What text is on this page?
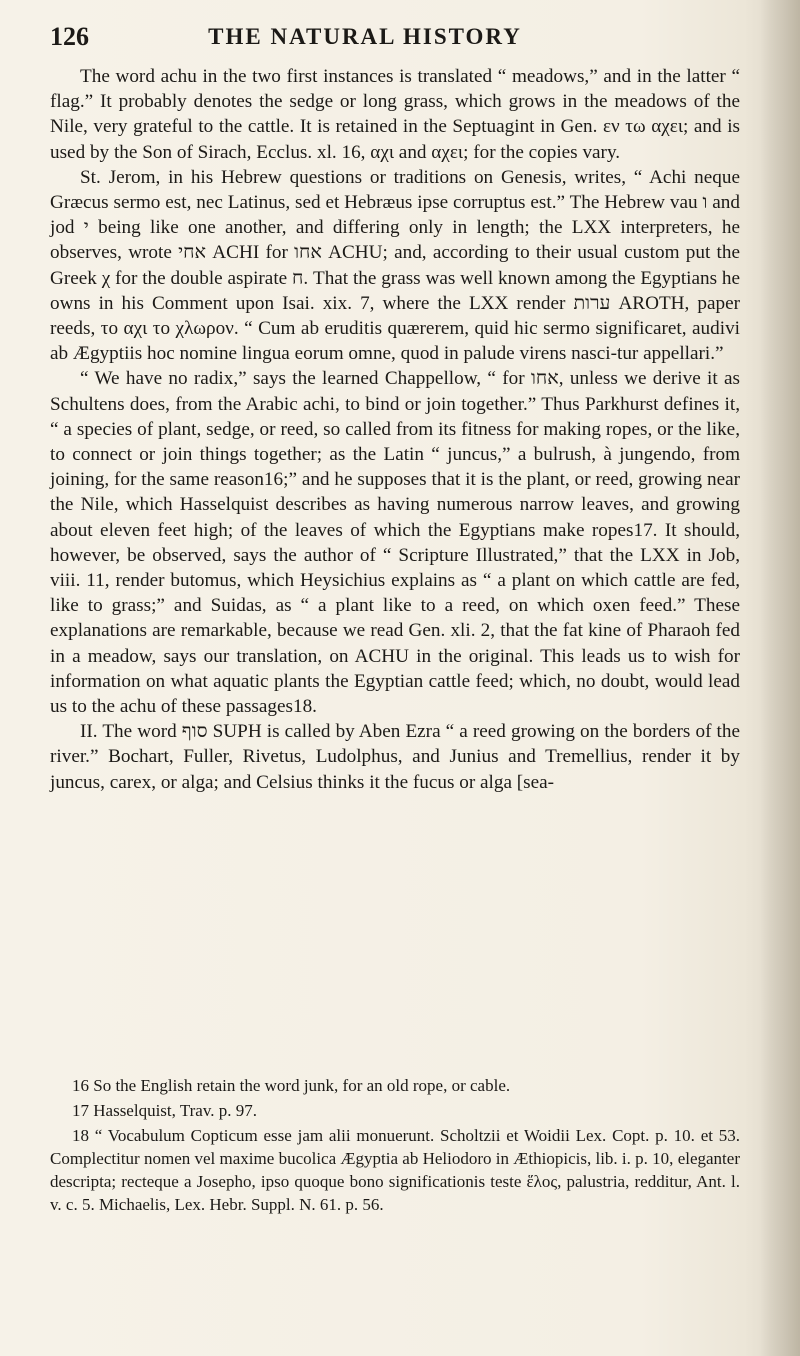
126	THE NATURAL HISTORY

The word achu in the two first instances is translated “ meadows,” and in the latter “ flag.” It probably denotes the sedge or long grass, which grows in the meadows of the Nile, very grateful to the cattle. It is retained in the Septuagint in Gen. εν τω αχει; and is used by the Son of Sirach, Ecclus. xl. 16, αχι and αχει; for the copies vary.

St. Jerom, in his Hebrew questions or traditions on Genesis, writes, “ Achi neque Græcus sermo est, nec Latinus, sed et Hebræus ipse corruptus est.” The Hebrew vau ו and jod י being like one another, and differing only in length; the LXX interpreters, he observes, wrote אחי ACHI for אחו ACHU; and, according to their usual custom put the Greek χ for the double aspirate ח. That the grass was well known among the Egyptians he owns in his Comment upon Isai. xix. 7, where the LXX render ערות AROTH, paper reeds, το αχι το χλωρον. “ Cum ab eruditis quærerem, quid hic sermo significaret, audivi ab Ægyptiis hoc nomine lingua eorum omne, quod in palude virens nasci-tur appellari.”

“ We have no radix,” says the learned Chappellow, “ for אחו, unless we derive it as Schultens does, from the Arabic achi, to bind or join together.” Thus Parkhurst defines it, “ a species of plant, sedge, or reed, so called from its fitness for making ropes, or the like, to connect or join things together; as the Latin “ juncus,” a bulrush, à jungendo, from joining, for the same reason16;” and he supposes that it is the plant, or reed, growing near the Nile, which Hasselquist describes as having numerous narrow leaves, and growing about eleven feet high; of the leaves of which the Egyptians make ropes17. It should, however, be observed, says the author of “ Scripture Illustrated,” that the LXX in Job, viii. 11, render butomus, which Heysichius explains as “ a plant on which cattle are fed, like to grass;” and Suidas, as “ a plant like to a reed, on which oxen feed.” These explanations are remarkable, because we read Gen. xli. 2, that the fat kine of Pharaoh fed in a meadow, says our translation, on ACHU in the original. This leads us to wish for information on what aquatic plants the Egyptian cattle feed; which, no doubt, would lead us to the achu of these passages18.

II. The word סוף SUPH is called by Aben Ezra “ a reed growing on the borders of the river.” Bochart, Fuller, Rivetus, Ludolphus, and Junius and Tremellius, render it by juncus, carex, or alga; and Celsius thinks it the fucus or alga [sea-

16 So the English retain the word junk, for an old rope, or cable.

17 Hasselquist, Trav. p. 97.

18 “ Vocabulum Copticum esse jam alii monuerunt. Scholtzii et Woidii Lex. Copt. p. 10. et 53. Complectitur nomen vel maxime bucolica Ægyptia ab Heliodoro in Æthiopicis, lib. i. p. 10, eleganter descripta; recteque a Josepho, ipso quoque bono significationis teste ἕλος, palustria, redditur, Ant. l. v. c. 5. Michaelis, Lex. Hebr. Suppl. N. 61. p. 56.
